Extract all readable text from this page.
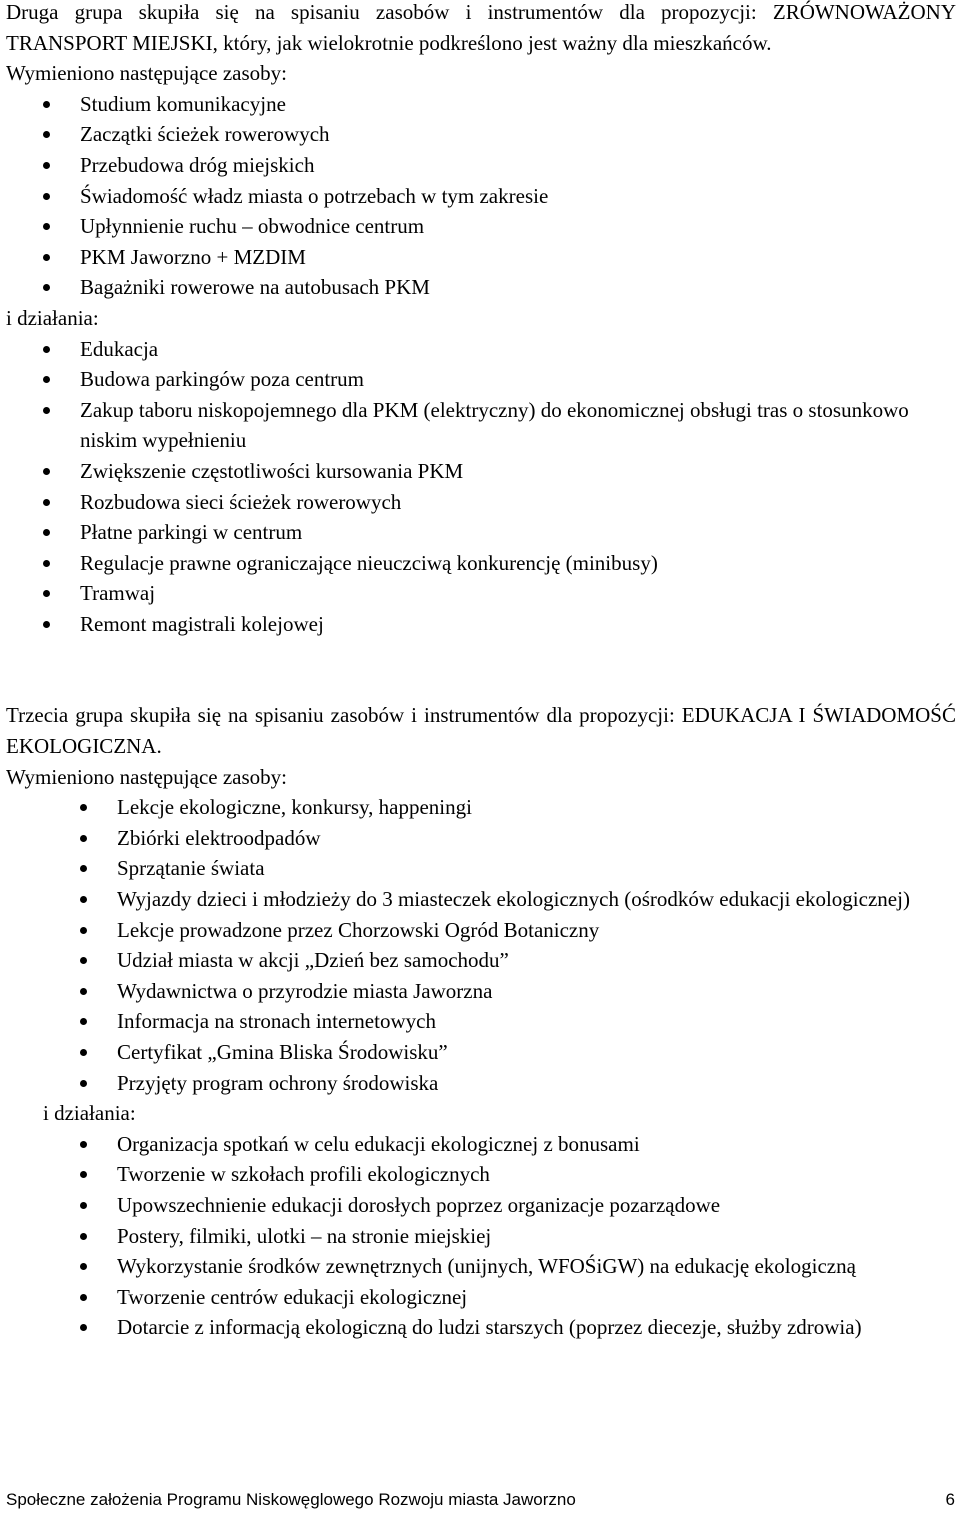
Druga grupa skupiła się na spisaniu zasobów i instrumentów dla propozycji: ZRÓWNOWAŻONY TRANSPORT MIEJSKI, który, jak wielokrotnie podkreślono jest ważny dla mieszkańców.

Wymieniono następujące zasoby:

Studium komunikacyjne
Zaczątki ścieżek rowerowych
Przebudowa dróg miejskich
Świadomość władz miasta o potrzebach w tym zakresie
Upłynnienie ruchu – obwodnice centrum
PKM Jaworzno + MZDIM
Bagażniki rowerowe na autobusach PKM

i działania:

Edukacja
Budowa parkingów poza centrum
Zakup taboru niskopojemnego dla PKM (elektryczny) do ekonomicznej obsługi tras o stosunkowo niskim wypełnieniu
Zwiększenie częstotliwości kursowania PKM
Rozbudowa sieci ścieżek rowerowych
Płatne parkingi w centrum
Regulacje prawne ograniczające nieuczciwą konkurencję (minibusy)
Tramwaj
Remont magistrali kolejowej

Trzecia grupa skupiła się na spisaniu zasobów i instrumentów dla propozycji: EDUKACJA I ŚWIADOMOŚĆ EKOLOGICZNA.

Wymieniono następujące zasoby:

Lekcje ekologiczne, konkursy, happeningi
Zbiórki elektroodpadów
Sprzątanie świata
Wyjazdy dzieci i młodzieży do 3 miasteczek ekologicznych (ośrodków edukacji ekologicznej)
Lekcje prowadzone przez Chorzowski Ogród Botaniczny
Udział miasta w akcji „Dzień bez samochodu”
Wydawnictwa o przyrodzie miasta Jaworzna
Informacja na stronach internetowych
Certyfikat „Gmina Bliska Środowisku”
Przyjęty program ochrony środowiska

i działania:

Organizacja spotkań w celu edukacji ekologicznej z bonusami
Tworzenie w szkołach profili ekologicznych
Upowszechnienie edukacji dorosłych poprzez organizacje pozarządowe
Postery, filmiki, ulotki – na stronie miejskiej
Wykorzystanie środków zewnętrznych (unijnych, WFOŚiGW) na edukację ekologiczną
Tworzenie centrów edukacji ekologicznej
Dotarcie z informacją ekologiczną do ludzi starszych (poprzez diecezje, służby zdrowia)
Społeczne założenia Programu Niskowęglowego Rozwoju miasta Jaworzno	6
